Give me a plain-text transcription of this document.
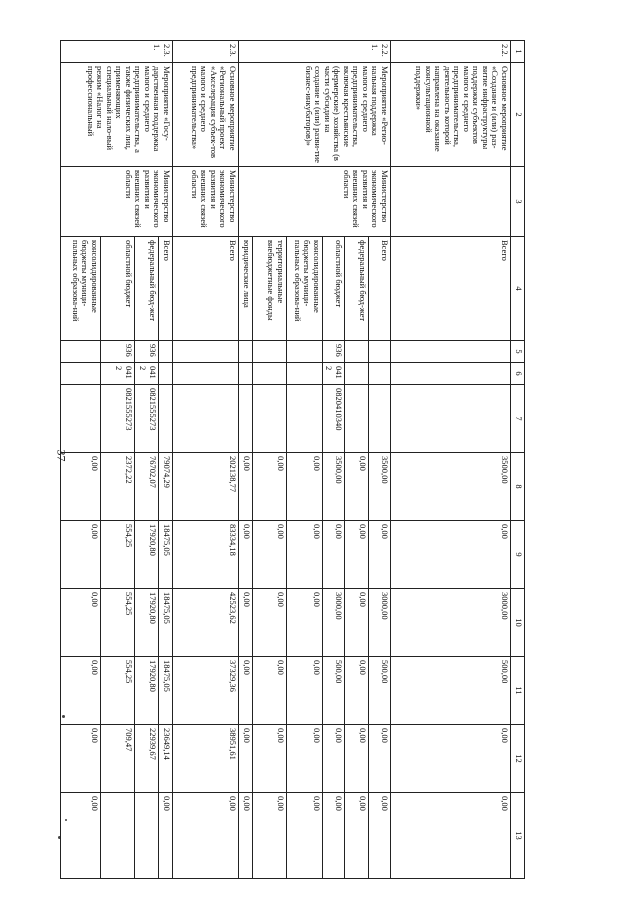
37
1	2	3	4	5	6	7	8	9	10	11	12	13
2.2.	Основное мероприятие «Создание и (или) раз-витие инфраструктуры поддержки субъектов малого и среднего предпринимательства, деятельность которой направлена на оказание консультационной поддержки»		Всего				3500,00	0,00	3000,00	500,00	0,00	0,00
2.2.1.	Мероприятие «Регио-нальная поддержка малого и среднего предпринимательства, включая крестьянские (фермерские) хозяйства (в части субсидии на создание и (или) разви-тие бизнес-инкубаторов)»	Министерство экономического развития и внешних связей области	Всего				3500,00	0,00	3000,00	500,00	0,00	0,00
			федеральный бюд-жет				0,00	0,00	0,00	0,00	0,00	0,00
			областной бюджет	936	0412	0820410340	3500,00	0,00	3000,00	500,00	0,00	0,00
			консолидированные бюджеты муници-пальных образова-ний				0,00	0,00	0,00	0,00	0,00	0,00
			территориальные внебюджетные фонды				0,00	0,00	0,00	0,00	0,00	0,00
			юридические лица				0,00	0,00	0,00	0,00	0,00	0,00
2.3.	Основное мероприятие «Региональный проект «Акселерация субъек-тов малого и среднего предпринимательства»	Министерство экономического развития и внешних связей области	Всего				202138,77	83334,18	42523,62	37329,36	38951,61	0,00
2.3.1.	Мероприятие «Госу-дарственная поддержка малого и среднего предпринимательства, а также физических лиц, применяющих специальный нало-вый режим «Налог на профессиональный	Министерство экономического развития и внешних связей области	Всего				79074,29	18475,05	18475,05	18475,05	23649,14	0,00
			федеральный бюд-жет	936	0412	0821555273	76702,07	17920,80	17920,80	17920,80	22939,67	
			областной бюджет	936	0412	0821555273	2372,22	554,25	554,25	554,25	709,47	
			консолидированные бюджеты муници-пальных образова-ний				0,00	0,00	0,00	0,00	0,00	0,00
